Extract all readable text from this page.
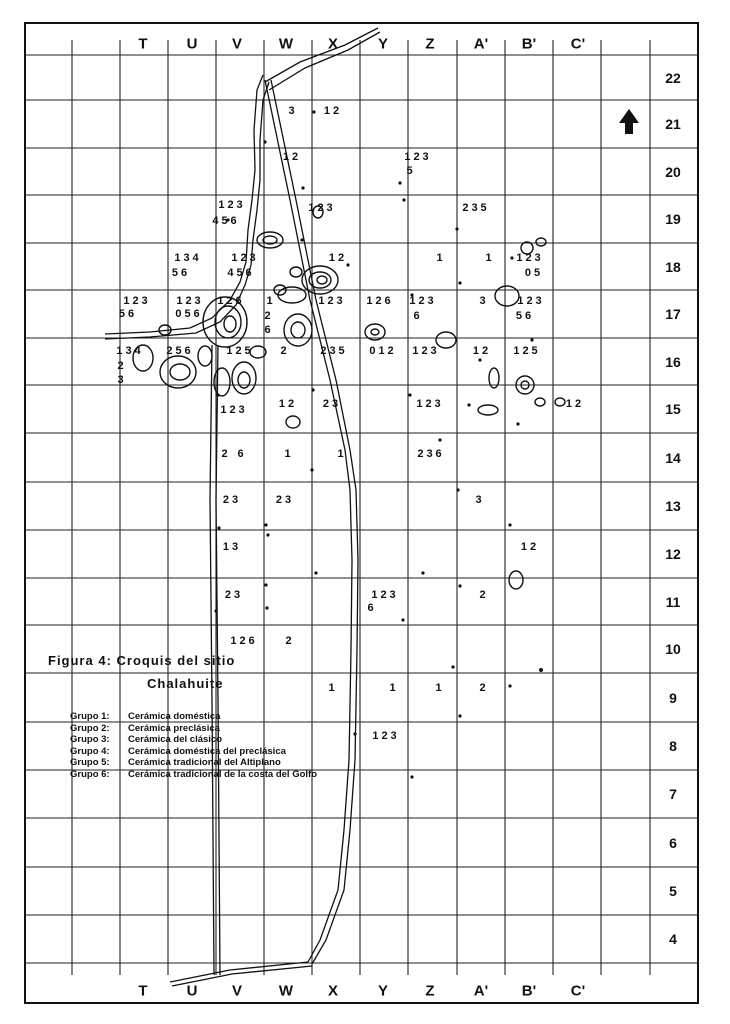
T	U V W X	Y Z	A' B' C'
T	U V W X	Y Z	A' B' C'
22
21
20
19
18
17
16
15
14
13
12
11
10
9
8
7
6
5
4
3 12
12	123
5
123
456
123	235
134
56
123
456
12	1	1 123
05
123
56
123
056
126 1
2
6
123 126 123
6
3	123
56
134
2
3
256	125 2	235 012 123	12 125
12
123	12 23	123
2 6	1	1	236
23	23	3
13	12
23	123
6
2
126	2
1	1	1	2
123
Figura 4: Croquis del sitio
Chalahuite
Grupo 1: Cerámica doméstica
Grupo 2: Cerámica preclásica
Grupo 3: Cerámica del clásico
Grupo 4: Cerámica doméstica del preclásica
Grupo 5: Cerámica tradicional del Altiplano
Grupo 6: Cerámica tradicional de la costa del Golfo
